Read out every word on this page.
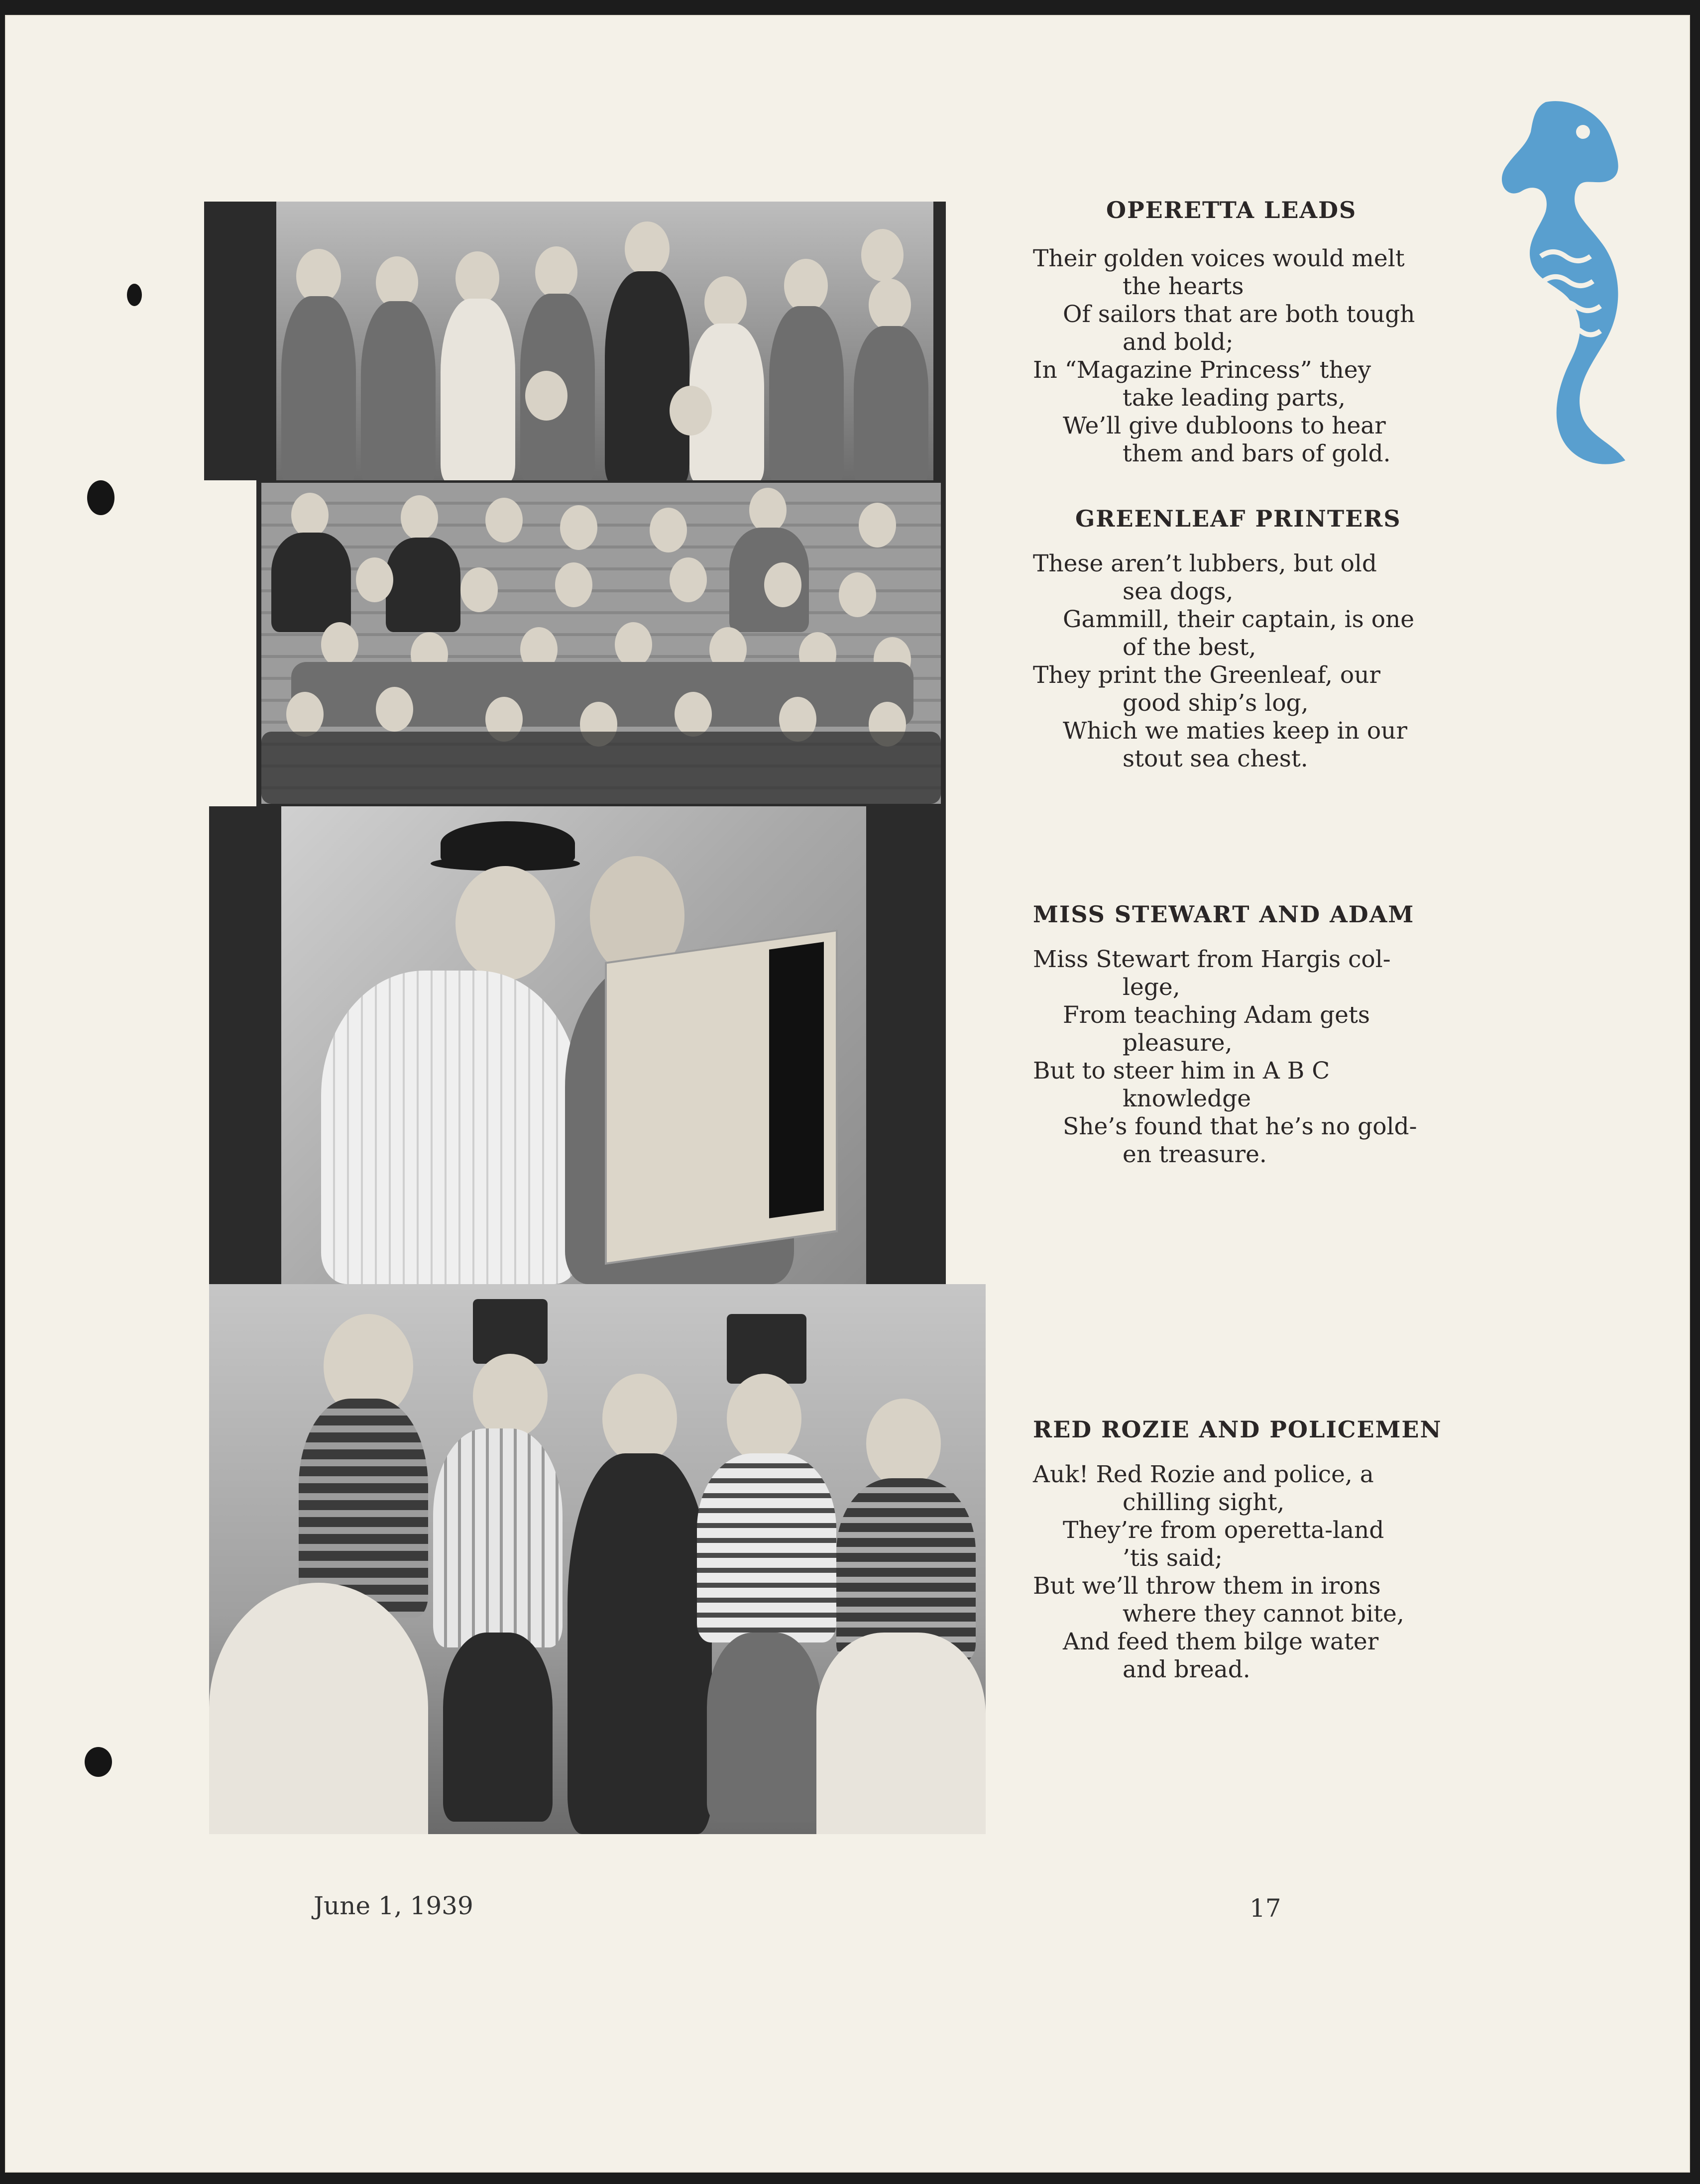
OPERETTA LEADS
Their golden voices would melt
the hearts
Of sailors that are both tough
and bold;
In “Magazine Princess” they
take leading parts,
We’ll give dubloons to hear
them and bars of gold.
GREENLEAF PRINTERS
These aren’t lubbers, but old
sea dogs,
Gammill, their captain, is one
of the best,
They print the Greenleaf, our
good ship’s log,
Which we maties keep in our
stout sea chest.
MISS STEWART AND ADAM
Miss Stewart from Hargis col-
lege,
From teaching Adam gets
pleasure,
But to steer him in A B C
knowledge
She’s found that he’s no gold-
en treasure.
RED ROZIE AND POLICEMEN
Auk! Red Rozie and police, a
chilling sight,
They’re from operetta-land
’tis said;
But we’ll throw them in irons
where they cannot bite,
And feed them bilge water
and bread.
June 1, 1939	17
